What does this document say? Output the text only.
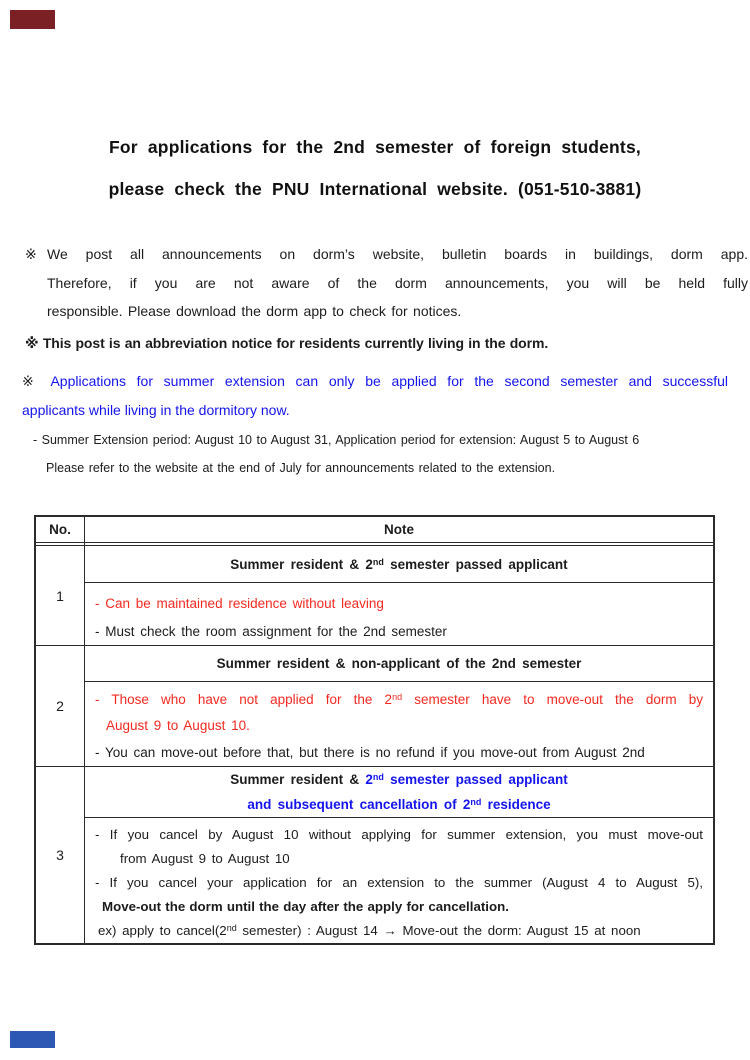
For applications for the 2nd semester of foreign students,
please check the PNU International website. (051-510-3881)
※ We post all announcements on dorm’s website, bulletin boards in buildings, dorm app.
Therefore, if you are not aware of the dorm announcements, you will be held fully
responsible. Please download the dorm app to check for notices.
※ This post is an abbreviation notice for residents currently living in the dorm.
※ Applications for summer extension can only be applied for the second semester and successful
applicants while living in the dormitory now.
- Summer Extension period: August 10 to August 31, Application period for extension: August 5 to August 6
Please refer to the website at the end of July for announcements related to the extension.
No.	Note
1
Summer resident & 2nd semester passed applicant
- Can be maintained residence without leaving
- Must check the room assignment for the 2nd semester
2
Summer resident & non-applicant of the 2nd semester
- Those who have not applied for the 2nd semester have to move-out the dorm by
August 9 to August 10.
- You can move-out before that, but there is no refund if you move-out from August 2nd
3
Summer resident & 2nd semester passed applicant
and subsequent cancellation of 2nd residence
- If you cancel by August 10 without applying for summer extension, you must move-out
from August 9 to August 10
- If you cancel your application for an extension to the summer (August 4 to August 5),
Move-out the dorm until the day after the apply for cancellation.
ex) apply to cancel(2nd semester) : August 14 → Move-out the dorm: August 15 at noon
